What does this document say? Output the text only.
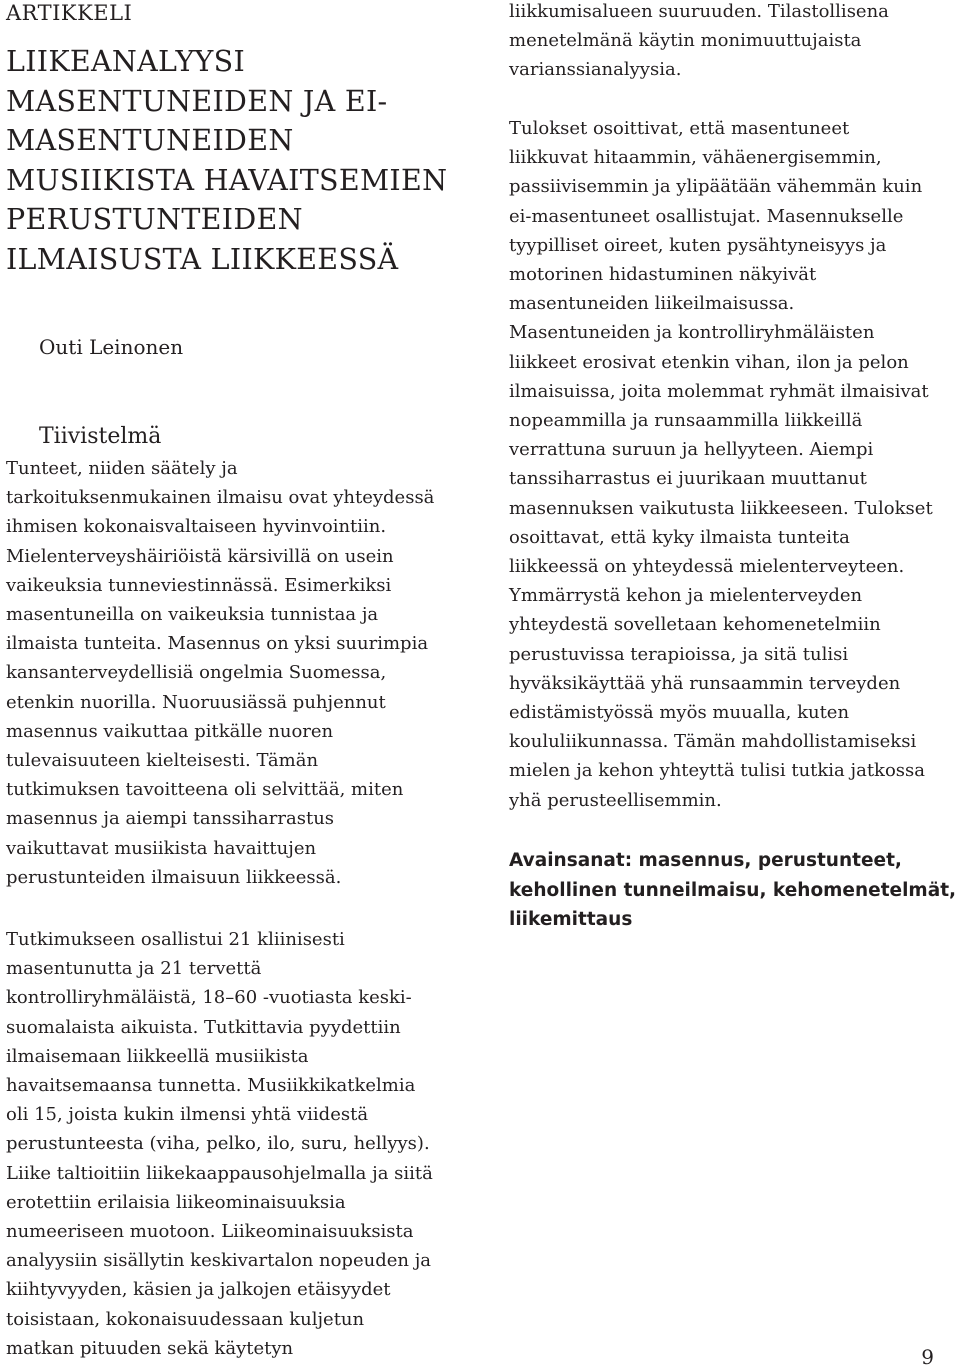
ARTIKKELI

LIIKEANALYYSI
MASENTUNEIDEN JA EI-
MASENTUNEIDEN
MUSIIKISTA HAVAITSEMIEN
PERUSTUNTEIDEN
ILMAISUSTA LIIKKEESSÄ

Outi Leinonen

Tiivistelmä

Tunteet, niiden säätely ja
tarkoituksenmukainen ilmaisu ovat yhteydessä
ihmisen kokonaisvaltaiseen hyvinvointiin.
Mielenterveyshäiriöistä kärsivillä on usein
vaikeuksia tunneviestinnässä. Esimerkiksi
masentuneilla on vaikeuksia tunnistaa ja
ilmaista tunteita. Masennus on yksi suurimpia
kansanterveydellisiä ongelmia Suomessa,
etenkin nuorilla. Nuoruusiässä puhjennut
masennus vaikuttaa pitkälle nuoren
tulevaisuuteen kielteisesti. Tämän
tutkimuksen tavoitteena oli selvittää, miten
masennus ja aiempi tanssiharrastus
vaikuttavat musiikista havaittujen
perustunteiden ilmaisuun liikkeessä.

Tutkimukseen osallistui 21 kliinisesti
masentunutta ja 21 tervettä
kontrolliryhmäläistä, 18–60 -vuotiasta keski-
suomalaista aikuista. Tutkittavia pyydettiin
ilmaisemaan liikkeellä musiikista
havaitsemaansa tunnetta. Musiikkikatkelmia
oli 15, joista kukin ilmensi yhtä viidestä
perustunteesta (viha, pelko, ilo, suru, hellyys).
Liike taltioitiin liikekaappausohjelmalla ja siitä
erotettiin erilaisia liikeominaisuuksia
numeeriseen muotoon. Liikeominaisuuksista
analyysiin sisällytin keskivartalon nopeuden ja
kiihtyvyyden, käsien ja jalkojen etäisyydet
toisistaan, kokonaisuudessaan kuljetun
matkan pituuden sekä käytetyn

liikkumisalueen suuruuden. Tilastollisena
menetelmänä käytin monimuuttujaista
varianssianalyysia.

Tulokset osoittivat, että masentuneet
liikkuvat hitaammin, vähäenergisemmin,
passiivisemmin ja ylipäätään vähemmän kuin
ei-masentuneet osallistujat. Masennukselle
tyypilliset oireet, kuten pysähtyneisyys ja
motorinen hidastuminen näkyivät
masentuneiden liikeilmaisussa.
Masentuneiden ja kontrolliryhmäläisten
liikkeet erosivat etenkin vihan, ilon ja pelon
ilmaisuissa, joita molemmat ryhmät ilmaisivat
nopeammilla ja runsaammilla liikkeillä
verrattuna suruun ja hellyyteen. Aiempi
tanssiharrastus ei juurikaan muuttanut
masennuksen vaikutusta liikkeeseen. Tulokset
osoittavat, että kyky ilmaista tunteita
liikkeessä on yhteydessä mielenterveyteen.
Ymmärrystä kehon ja mielenterveyden
yhteydestä sovelletaan kehomenetelmiin
perustuvissa terapioissa, ja sitä tulisi
hyväksikäyttää yhä runsaammin terveyden
edistämistyössä myös muualla, kuten
koululiikunnassa. Tämän mahdollistamiseksi
mielen ja kehon yhteyttä tulisi tutkia jatkossa
yhä perusteellisemmin.

Avainsanat: masennus, perustunteet,
kehollinen tunneilmaisu, kehomenetelmät,
liikemittaus

9
